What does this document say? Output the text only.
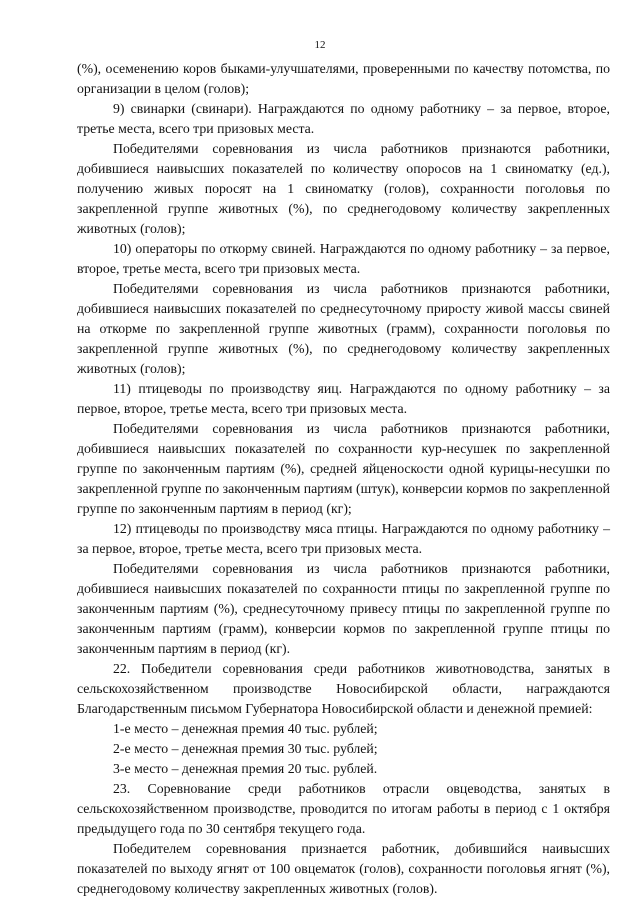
12

(%), осеменению коров быками-улучшателями, проверенными по качеству потомства, по организации в целом (голов);

9) свинарки (свинари). Награждаются по одному работнику – за первое, второе, третье места, всего три призовых места.

Победителями соревнования из числа работников признаются работники, добившиеся наивысших показателей по количеству опоросов на 1 свиноматку (ед.), получению живых поросят на 1 свиноматку (голов), сохранности поголовья по закрепленной группе животных (%), по среднегодовому количеству закрепленных животных (голов);

10) операторы по откорму свиней. Награждаются по одному работнику – за первое, второе, третье места, всего три призовых места.

Победителями соревнования из числа работников признаются работники, добившиеся наивысших показателей по среднесуточному приросту живой массы свиней на откорме по закрепленной группе животных (грамм), сохранности поголовья по закрепленной группе животных (%), по среднегодовому количеству закрепленных животных (голов);

11) птицеводы по производству яиц. Награждаются по одному работнику – за первое, второе, третье места, всего три призовых места.

Победителями соревнования из числа работников признаются работники, добившиеся наивысших показателей по сохранности кур-несушек по закрепленной группе по законченным партиям (%), средней яйценоскости одной курицы-несушки по закрепленной группе по законченным партиям (штук), конверсии кормов по закрепленной группе по законченным партиям в период (кг);

12) птицеводы по производству мяса птицы. Награждаются по одному работнику – за первое, второе, третье места, всего три призовых места.

Победителями соревнования из числа работников признаются работники, добившиеся наивысших показателей по сохранности птицы по закрепленной группе по законченным партиям (%), среднесуточному привесу птицы по закрепленной группе по законченным партиям (грамм), конверсии кормов по закрепленной группе птицы по законченным партиям в период (кг).

22. Победители соревнования среди работников животноводства, занятых в сельскохозяйственном производстве Новосибирской области, награждаются Благодарственным письмом Губернатора Новосибирской области и денежной премией:

1-е место – денежная премия 40 тыс. рублей;

2-е место – денежная премия 30 тыс. рублей;

3-е место – денежная премия 20 тыс. рублей.

23. Соревнование среди работников отрасли овцеводства, занятых в сельскохозяйственном производстве, проводится по итогам работы в период с 1 октября предыдущего года по 30 сентября текущего года.

Победителем соревнования признается работник, добившийся наивысших показателей по выходу ягнят от 100 овцематок (голов), сохранности поголовья ягнят (%), среднегодовому количеству закрепленных животных (голов).
